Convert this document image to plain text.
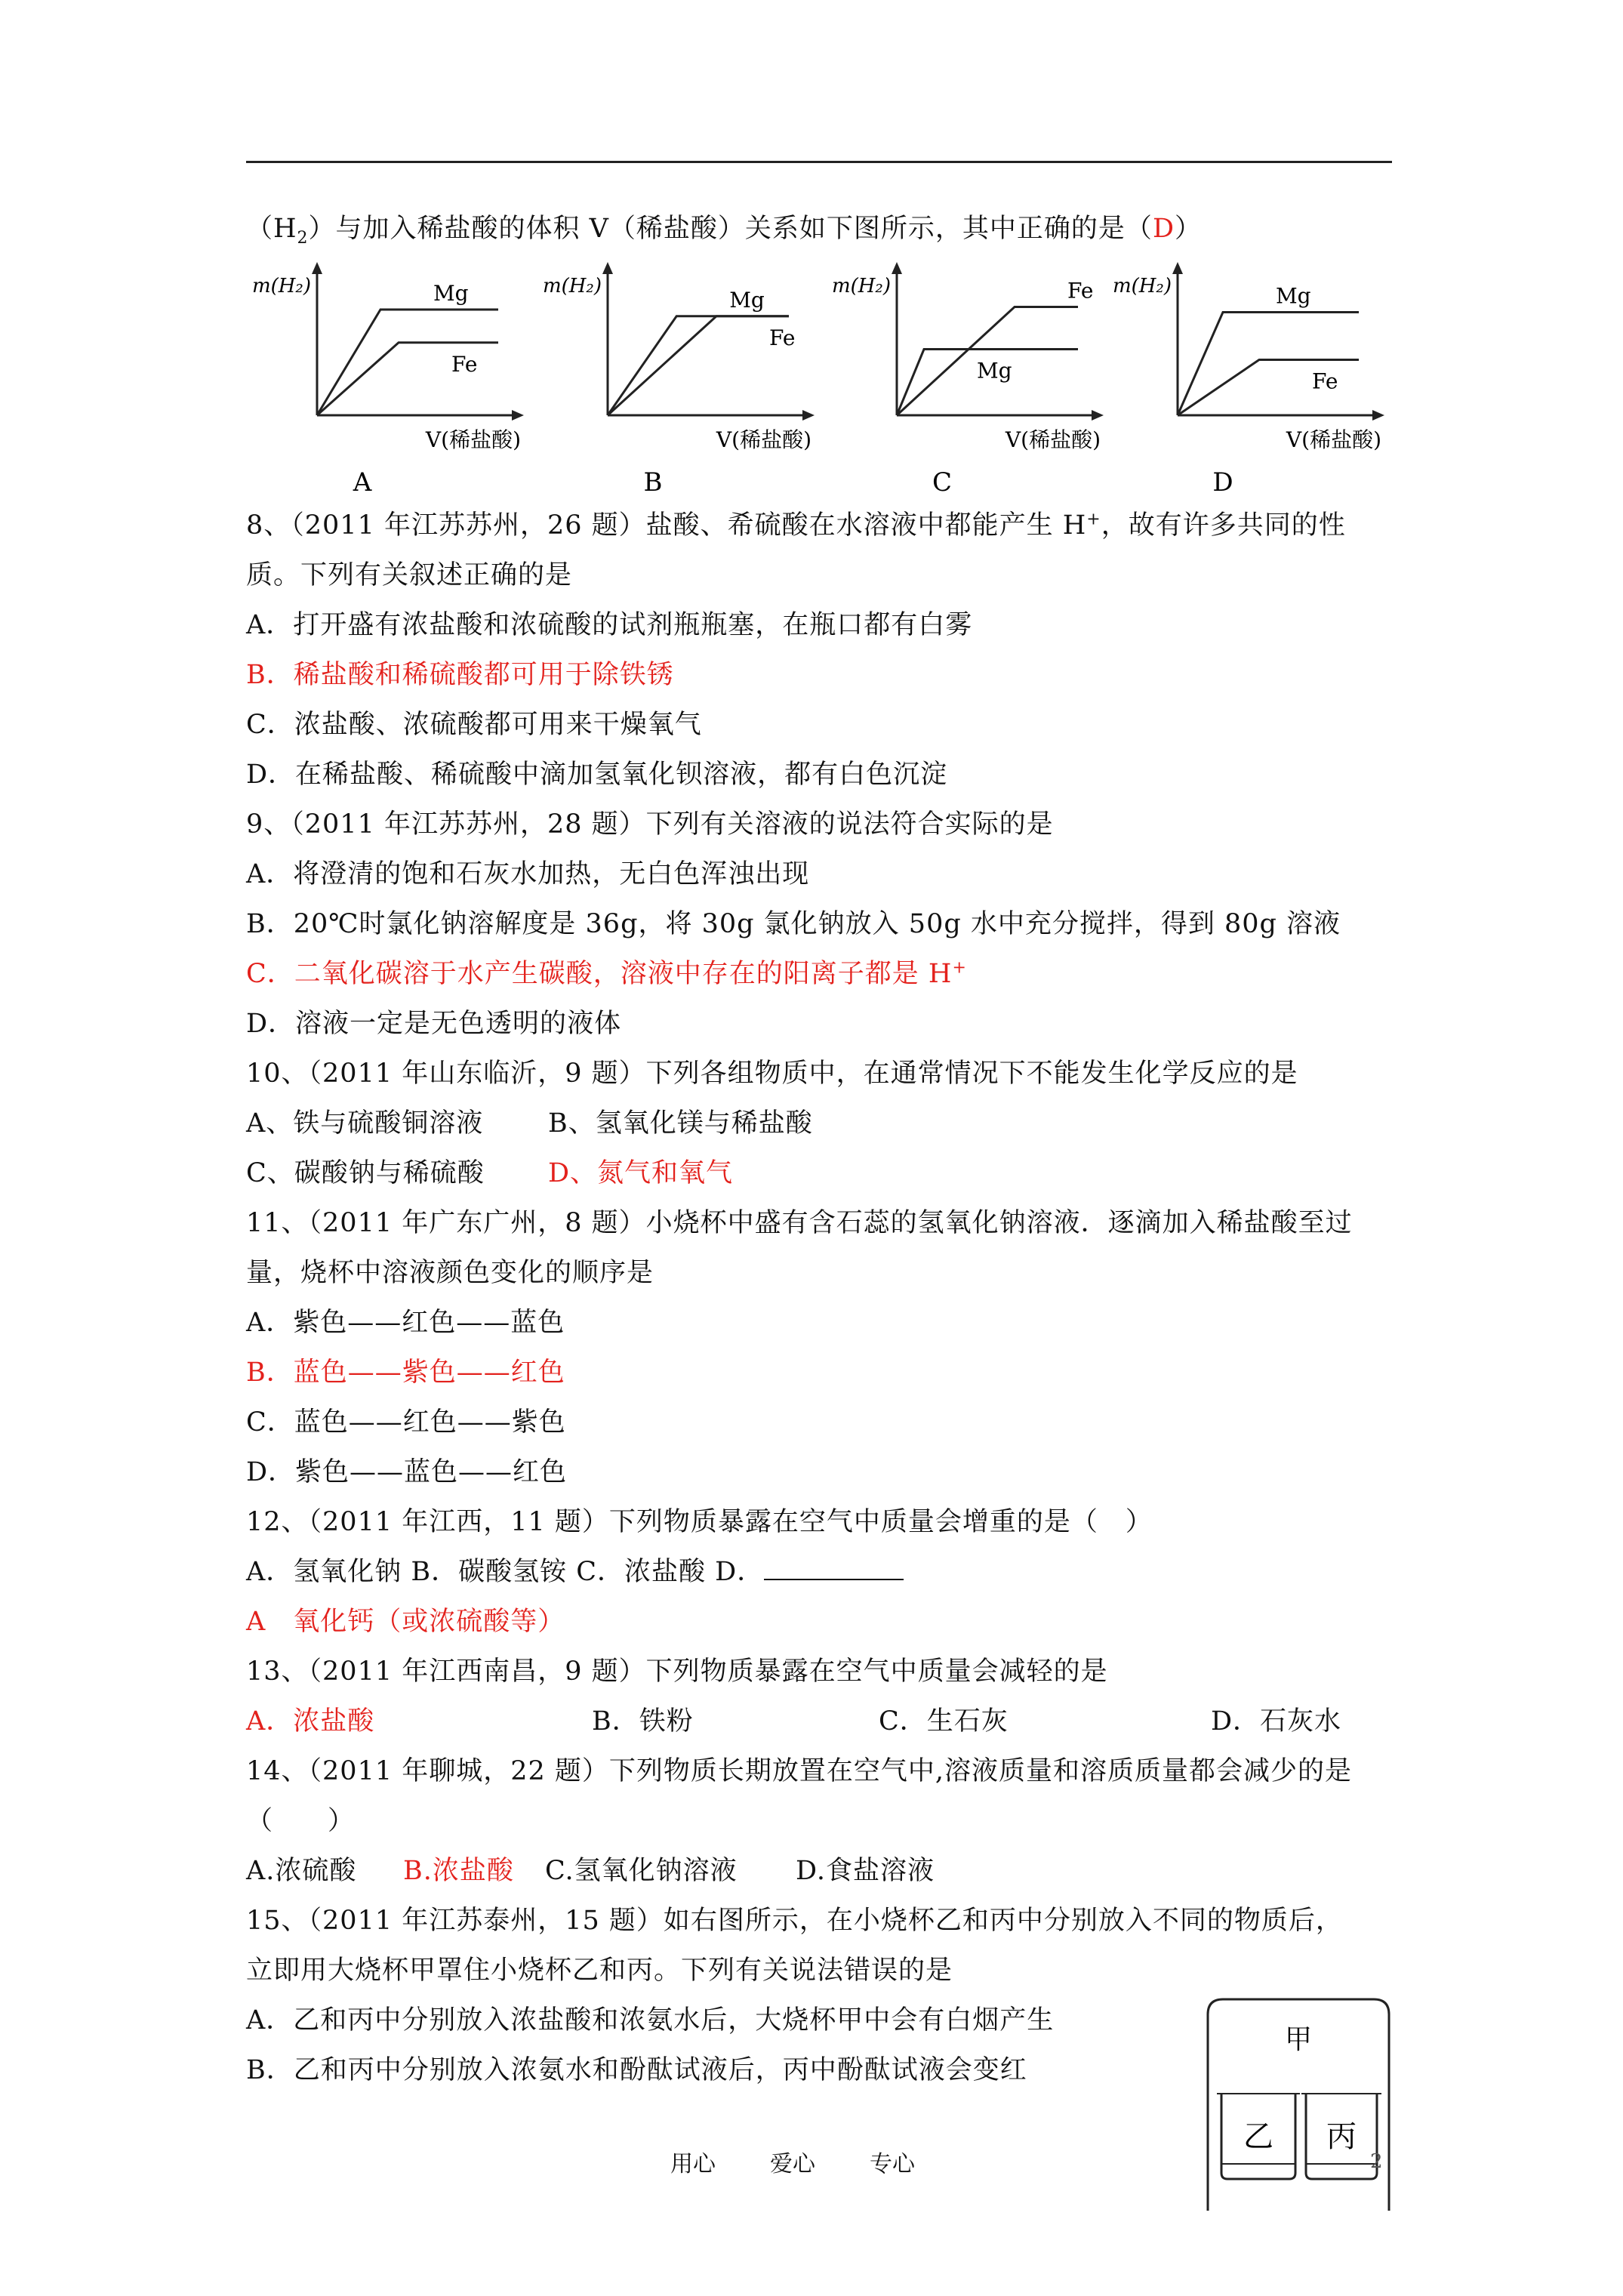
$(H_2)$与加入稀盐酸的体积 V（稀盐酸）关系如下图所示，其中正确的是（D）
m(H₂)
V(稀盐酸)
Mg
Fe
A
m(H₂)
V(稀盐酸)
Mg
Fe
B
m(H₂)
V(稀盐酸)
Fe
Mg
C
m(H₂)
V(稀盐酸)
Mg
Fe
D
8、（2011 年江苏苏州，26 题）盐酸、希硫酸在水溶液中都能产生 H+，故有许多共同的性
质。下列有关叙述正确的是
A．打开盛有浓盐酸和浓硫酸的试剂瓶瓶塞，在瓶口都有白雾
B．稀盐酸和稀硫酸都可用于除铁锈
C．浓盐酸、浓硫酸都可用来干燥氧气
D．在稀盐酸、稀硫酸中滴加氢氧化钡溶液，都有白色沉淀
9、（2011 年江苏苏州，28 题）下列有关溶液的说法符合实际的是
A．将澄清的饱和石灰水加热，无白色浑浊出现
B．20℃时氯化钠溶解度是 36g，将 30g 氯化钠放入 50g 水中充分搅拌，得到 80g 溶液
C．二氧化碳溶于水产生碳酸，溶液中存在的阳离子都是 H+
D．溶液一定是无色透明的液体
10、（2011 年山东临沂，9 题）下列各组物质中，在通常情况下不能发生化学反应的是
A、铁与硫酸铜溶液 B、氢氧化镁与稀盐酸
C、碳酸钠与稀硫酸 D、氮气和氧气
11、（2011 年广东广州，8 题）小烧杯中盛有含石蕊的氢氧化钠溶液．逐滴加入稀盐酸至过
量，烧杯中溶液颜色变化的顺序是
A．紫色——红色——蓝色
B．蓝色——紫色——红色
C．蓝色——红色——紫色
D．紫色——蓝色——红色
12、（2011 年江西，11 题）下列物质暴露在空气中质量会增重的是（　）
A．氢氧化钠 B．碳酸氢铵 C．浓盐酸 D．
A　氧化钙（或浓硫酸等）
13、（2011 年江西南昌，9 题）下列物质暴露在空气中质量会减轻的是
A．浓盐酸	B．铁粉	C．生石灰	D．石灰水
14、（2011 年聊城，22 题）下列物质长期放置在空气中,溶液质量和溶质质量都会减少的是
（　　）
A.浓硫酸 B.浓盐酸 C.氢氧化钠溶液 D.食盐溶液
15、（2011 年江苏泰州，15 题）如右图所示，在小烧杯乙和丙中分别放入不同的物质后，
立即用大烧杯甲罩住小烧杯乙和丙。下列有关说法错误的是
A．乙和丙中分别放入浓盐酸和浓氨水后，大烧杯甲中会有白烟产生
B．乙和丙中分别放入浓氨水和酚酞试液后，丙中酚酞试液会变红
甲
乙 丙
用心 爱心 专心	2
